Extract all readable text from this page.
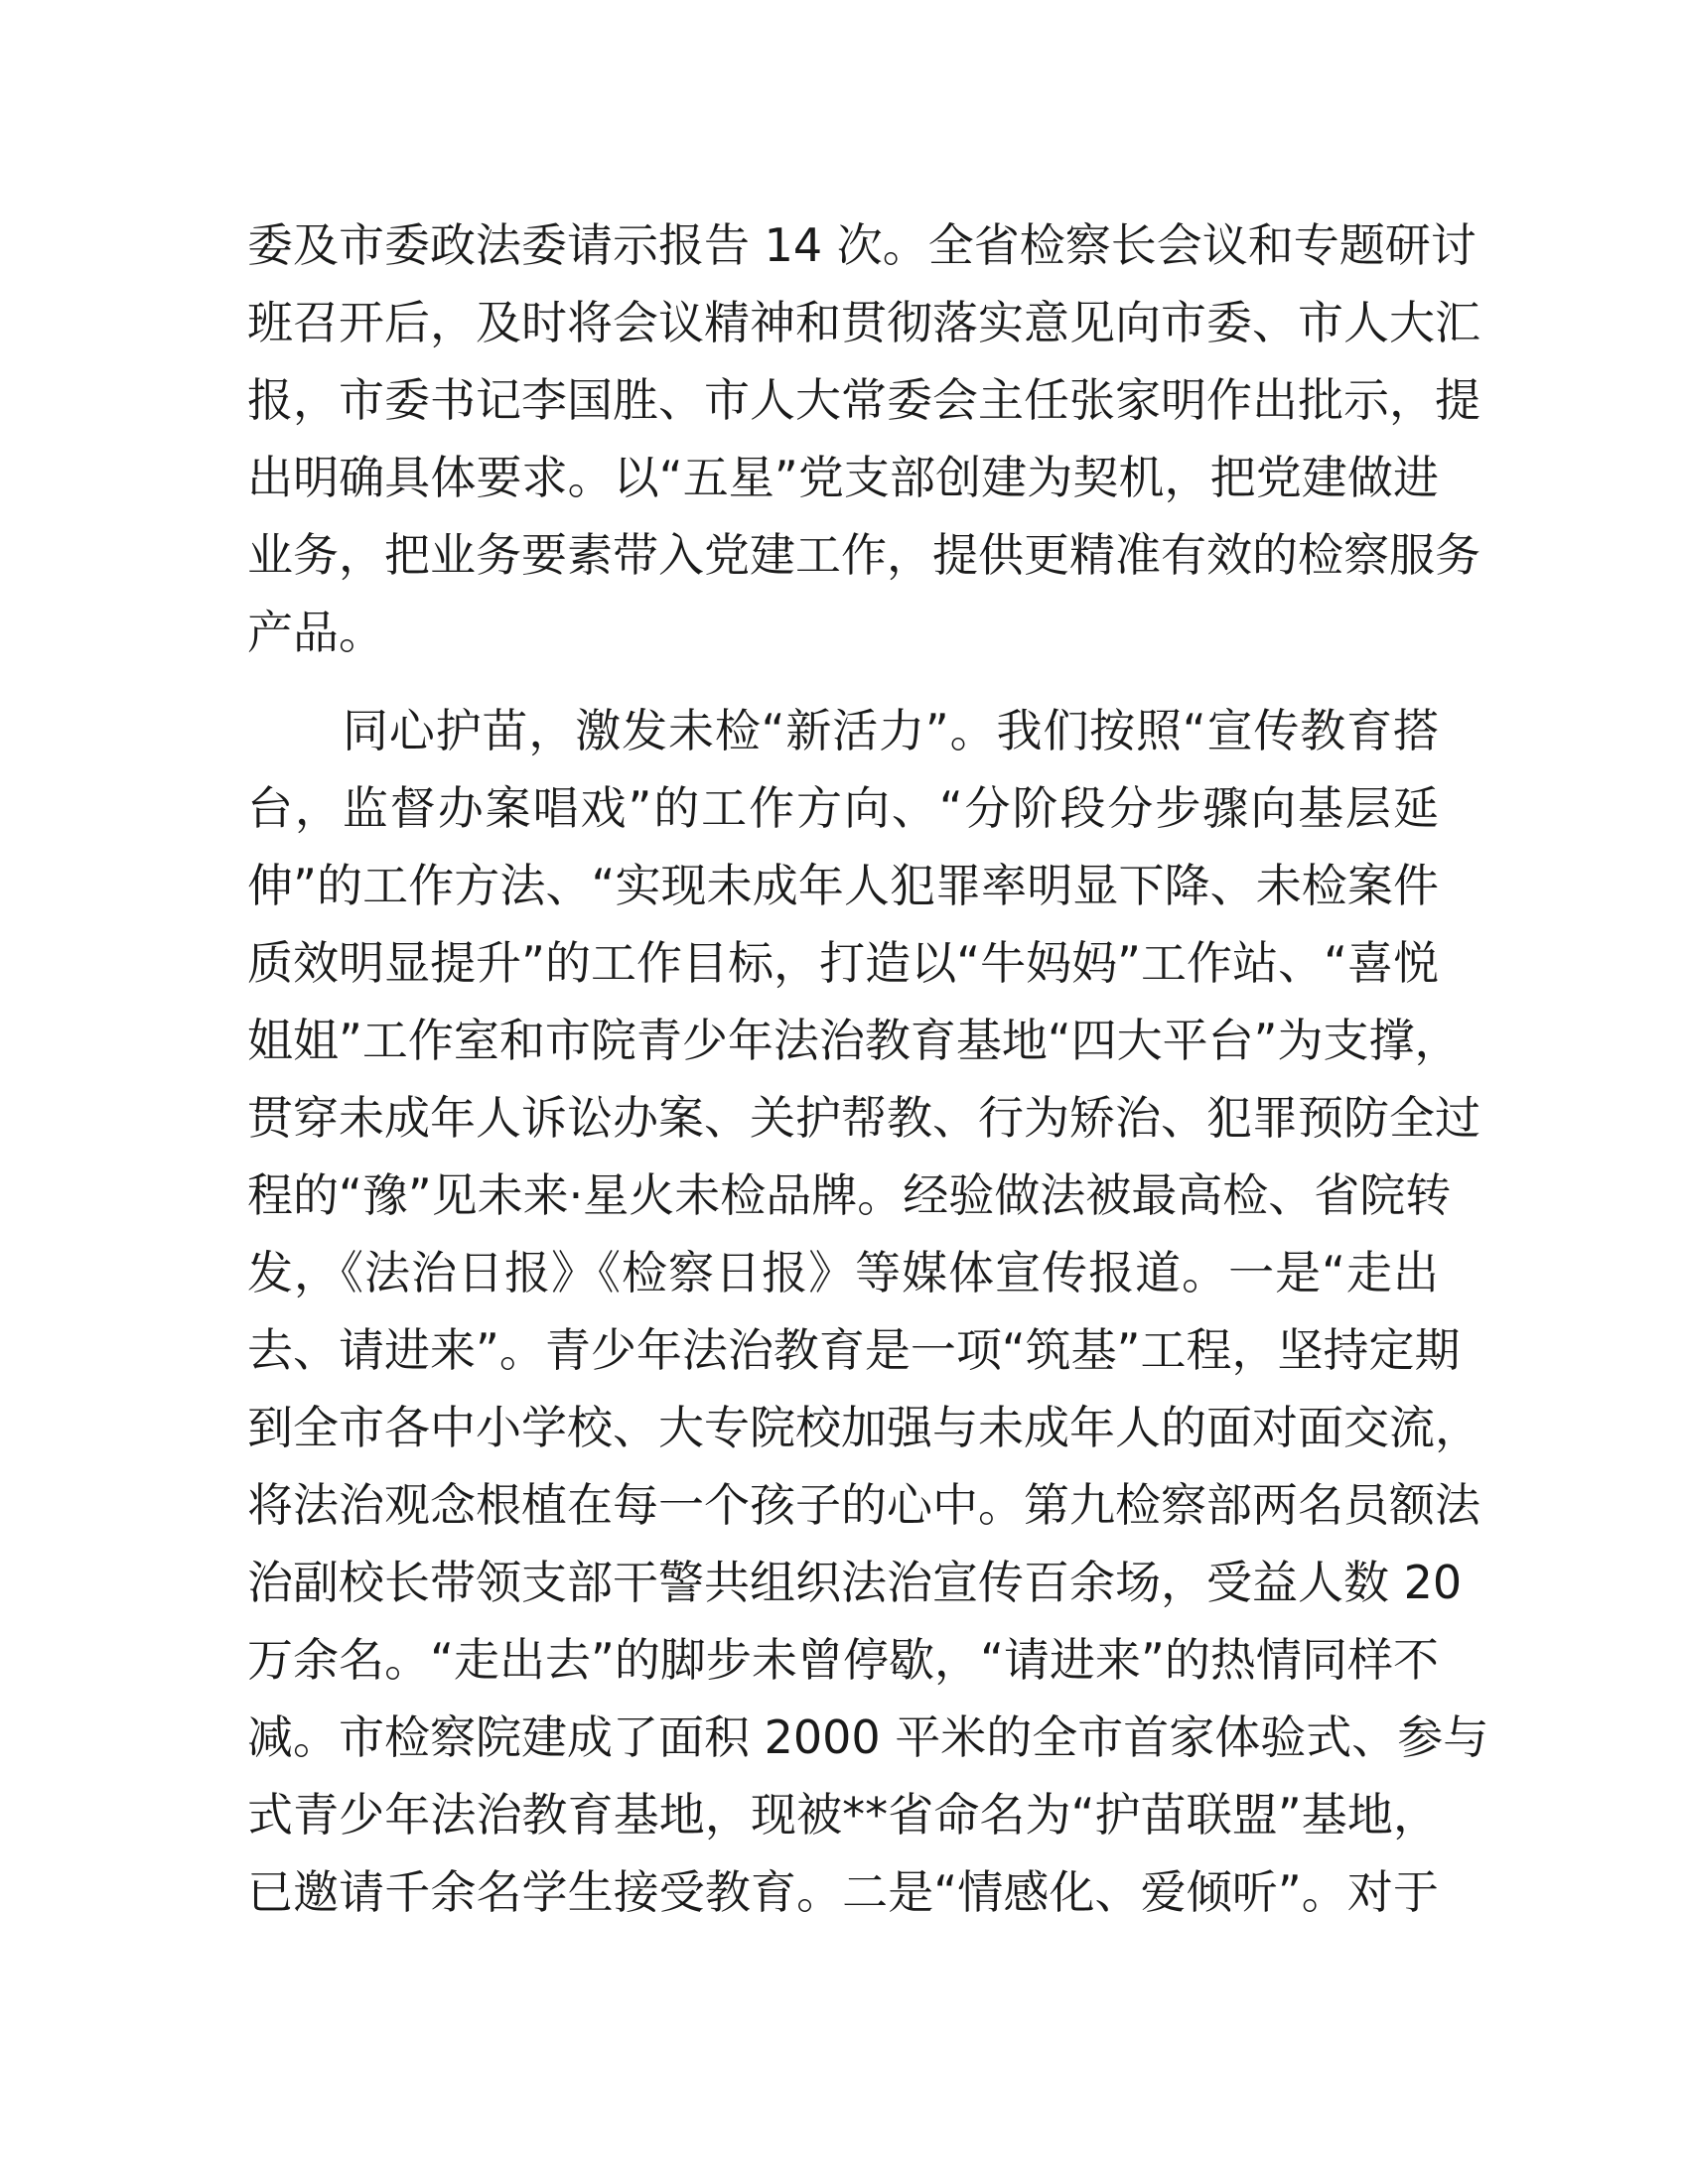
委及市委政法委请示报告 14 次。全省检察长会议和专题研讨
班召开后，及时将会议精神和贯彻落实意见向市委、市人大汇
报，市委书记李国胜、市人大常委会主任张家明作出批示，提
出明确具体要求。以“五星”党支部创建为契机，把党建做进
业务，把业务要素带入党建工作，提供更精准有效的检察服务
产品。
同心护苗，激发未检“新活力”。我们按照“宣传教育搭
台，监督办案唱戏”的工作方向、“分阶段分步骤向基层延
伸”的工作方法、“实现未成年人犯罪率明显下降、未检案件
质效明显提升”的工作目标，打造以“牛妈妈”工作站、“喜悦
姐姐”工作室和市院青少年法治教育基地“四大平台”为支撑，
贯穿未成年人诉讼办案、关护帮教、行为矫治、犯罪预防全过
程的“豫”见未来·星火未检品牌。经验做法被最高检、省院转
发，《法治日报》《检察日报》等媒体宣传报道。一是“走出
去、请进来”。青少年法治教育是一项“筑基”工程，坚持定期
到全市各中小学校、大专院校加强与未成年人的面对面交流，
将法治观念根植在每一个孩子的心中。第九检察部两名员额法
治副校长带领支部干警共组织法治宣传百余场，受益人数 20
万余名。“走出去”的脚步未曾停歇，“请进来”的热情同样不
减。市检察院建成了面积 2000 平米的全市首家体验式、参与
式青少年法治教育基地，现被**省命名为“护苗联盟”基地，
已邀请千余名学生接受教育。二是“情感化、爱倾听”。对于
